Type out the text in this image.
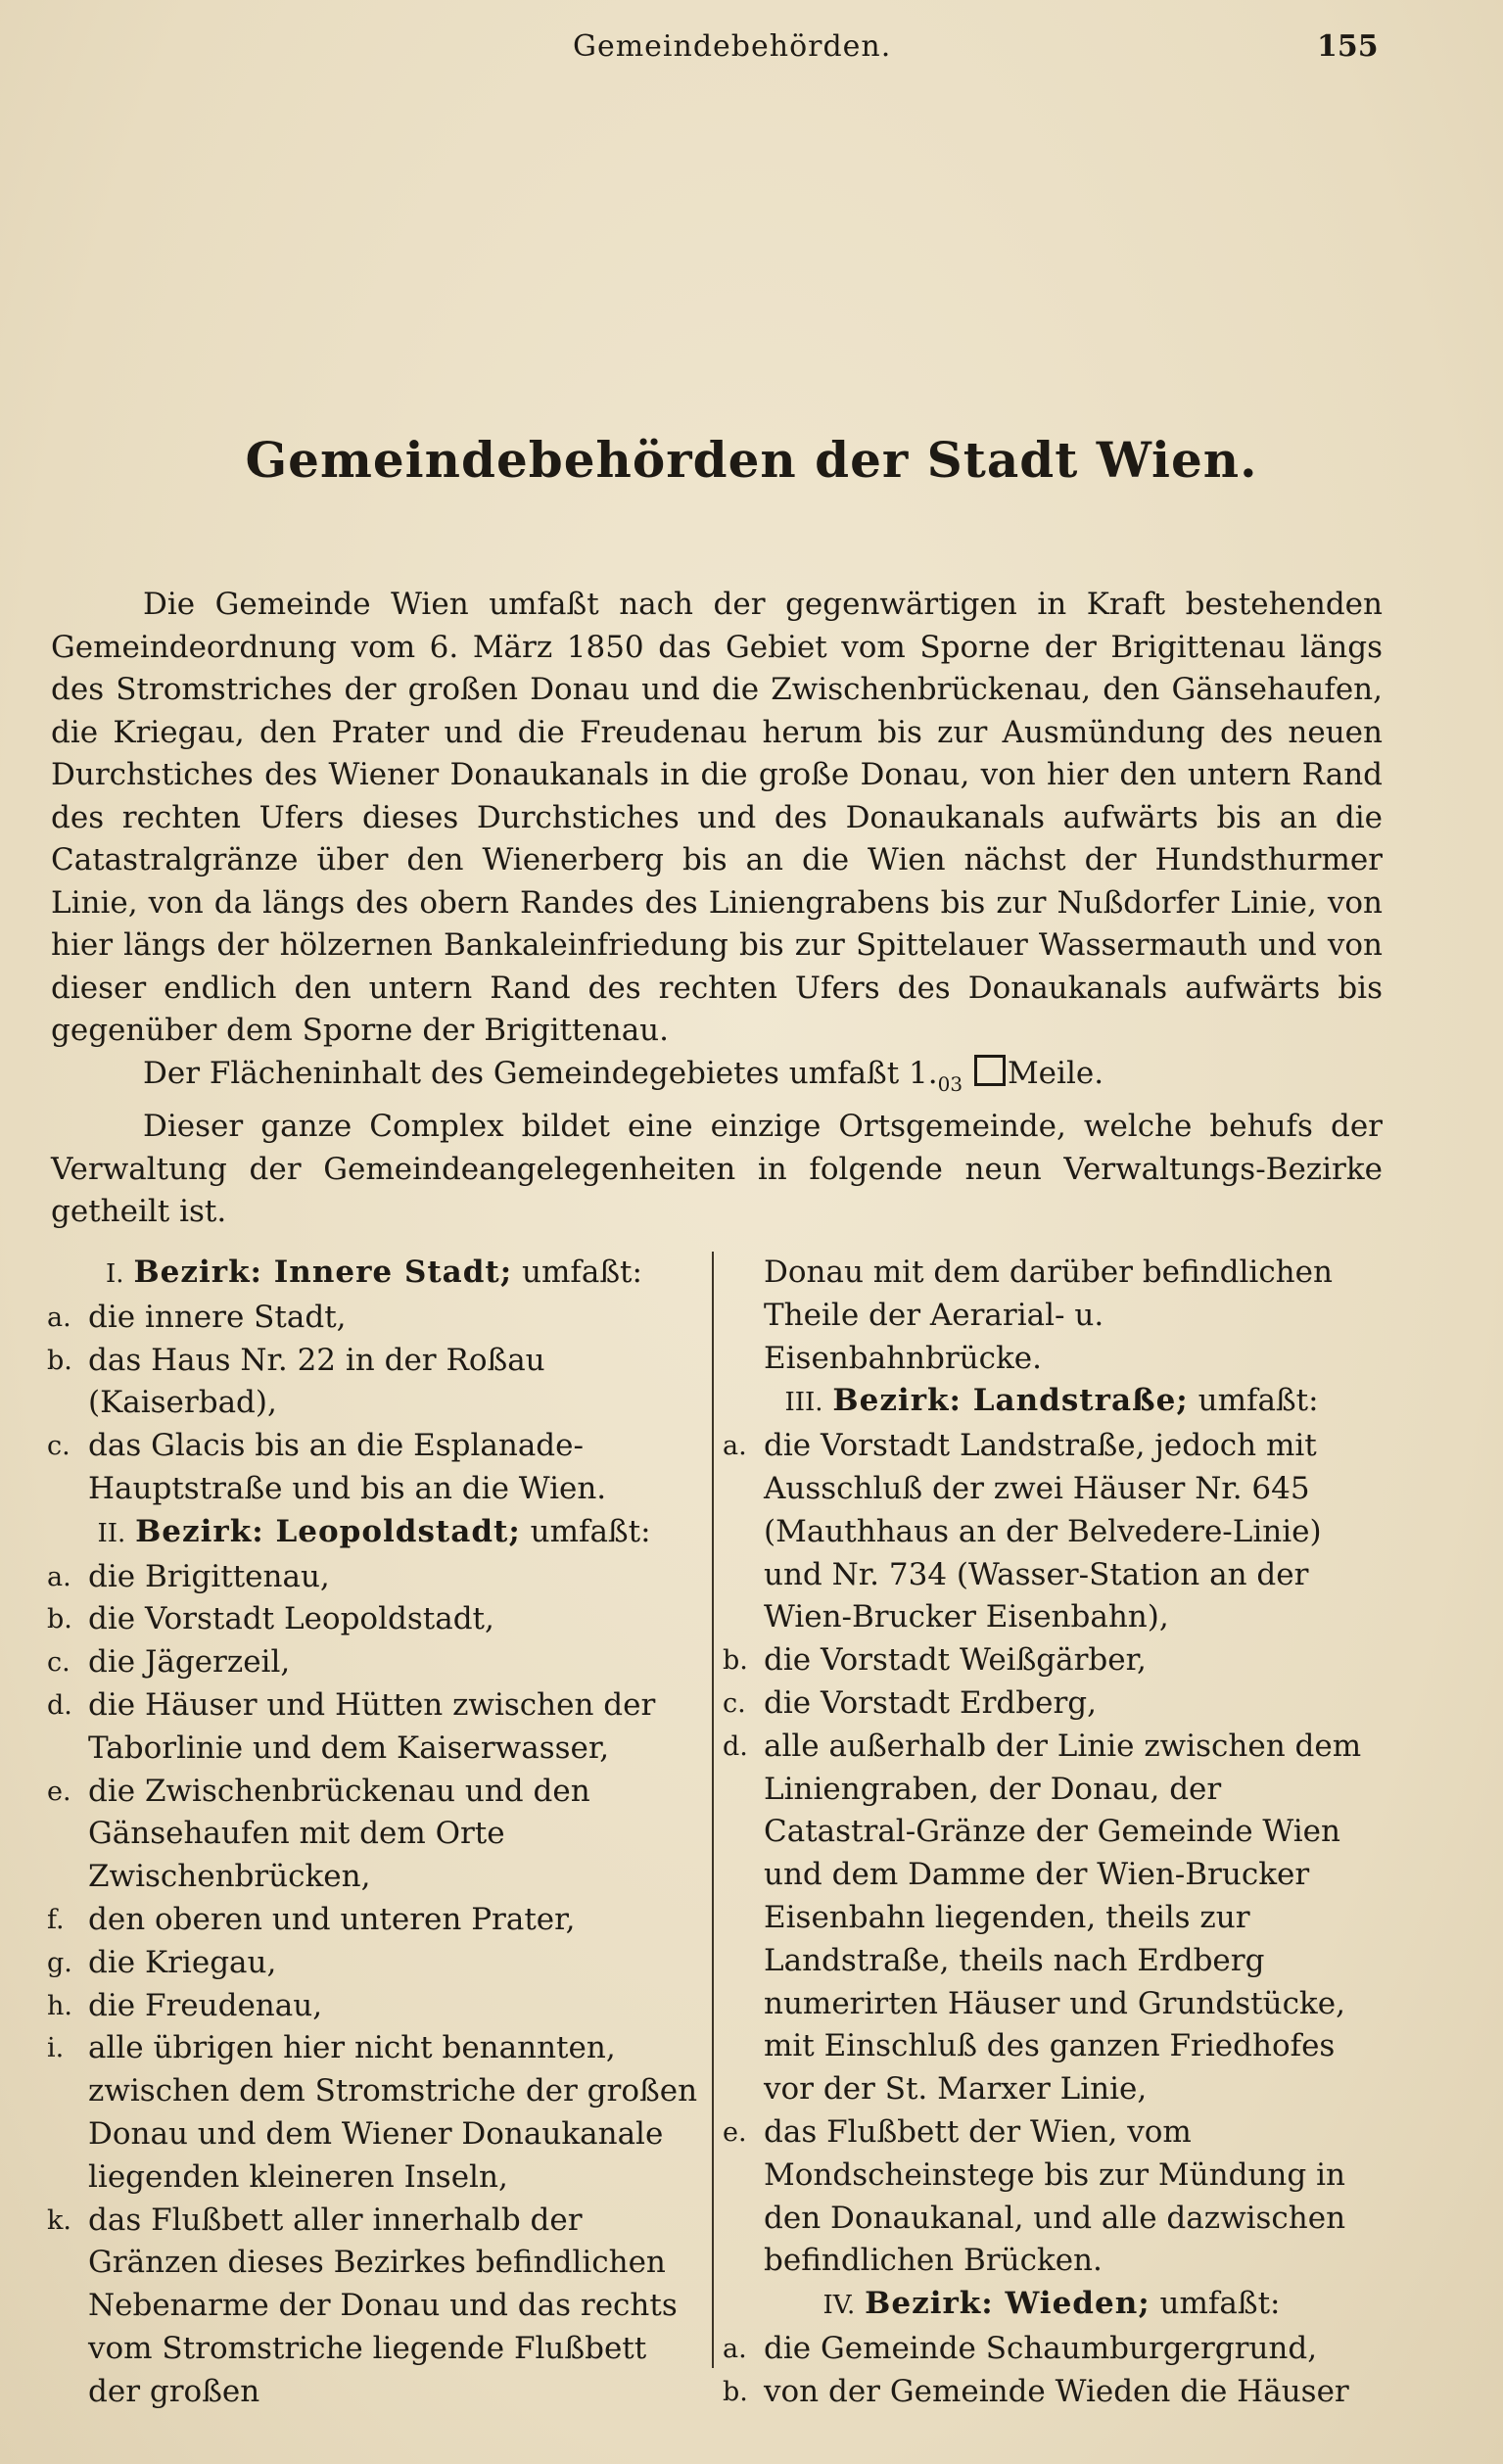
Gemeindebehörden.	155
Gemeindebehörden der Stadt Wien.

Die Gemeinde Wien umfaßt nach der gegenwärtigen in Kraft bestehenden Gemeindeordnung vom 6. März 1850 das Gebiet vom Sporne der Brigittenau längs des Stromstriches der großen Donau und die Zwischenbrückenau, den Gänsehaufen, die Kriegau, den Prater und die Freudenau herum bis zur Ausmündung des neuen Durchstiches des Wiener Donaukanals in die große Donau, von hier den untern Rand des rechten Ufers dieses Durchstiches und des Donaukanals aufwärts bis an die Catastralgränze über den Wienerberg bis an die Wien nächst der Hundsthurmer Linie, von da längs des obern Randes des Liniengrabens bis zur Nußdorfer Linie, von hier längs der hölzernen Bankaleinfriedung bis zur Spittelauer Wassermauth und von dieser endlich den untern Rand des rechten Ufers des Donaukanals aufwärts bis gegenüber dem Sporne der Brigittenau.

Der Flächeninhalt des Gemeindegebietes umfaßt $1._{03}$ Meile.

Dieser ganze Complex bildet eine einzige Ortsgemeinde, welche behufs der Verwaltung der Gemeindeangelegenheiten in folgende neun Verwaltungs-Bezirke getheilt ist.

I. Bezirk: Innere Stadt; umfaßt:

a. die innere Stadt,
b. das Haus Nr. 22 in der Roßau (Kaiserbad),
c. das Glacis bis an die Esplanade-Hauptstraße und bis an die Wien.

II. Bezirk: Leopoldstadt; umfaßt:

a. die Brigittenau,
b. die Vorstadt Leopoldstadt,
c. die Jägerzeil,
d. die Häuser und Hütten zwischen der Taborlinie und dem Kaiserwasser,
e. die Zwischenbrückenau und den Gänsehaufen mit dem Orte Zwischenbrücken,
f. den oberen und unteren Prater,
g. die Kriegau,
h. die Freudenau,
i. alle übrigen hier nicht benannten, zwischen dem Stromstriche der großen Donau und dem Wiener Donaukanale liegenden kleineren Inseln,
k. das Flußbett aller innerhalb der Gränzen dieses Bezirkes befindlichen Nebenarme der Donau und das rechts vom Stromstriche liegende Flußbett der großen

Donau mit dem darüber befindlichen Theile der Aerarial- u. Eisenbahnbrücke.

III. Bezirk: Landstraße; umfaßt:

a. die Vorstadt Landstraße, jedoch mit Ausschluß der zwei Häuser Nr. 645 (Mauthhaus an der Belvedere-Linie) und Nr. 734 (Wasser-Station an der Wien-Brucker Eisenbahn),
b. die Vorstadt Weißgärber,
c. die Vorstadt Erdberg,
d. alle außerhalb der Linie zwischen dem Liniengraben, der Donau, der Catastral-Gränze der Gemeinde Wien und dem Damme der Wien-Brucker Eisenbahn liegenden, theils zur Landstraße, theils nach Erdberg numerirten Häuser und Grundstücke, mit Einschluß des ganzen Friedhofes vor der St. Marxer Linie,
e. das Flußbett der Wien, vom Mondscheinstege bis zur Mündung in den Donaukanal, und alle dazwischen befindlichen Brücken.

IV. Bezirk: Wieden; umfaßt:

a. die Gemeinde Schaumburgergrund,
b. von der Gemeinde Wieden die Häuser
